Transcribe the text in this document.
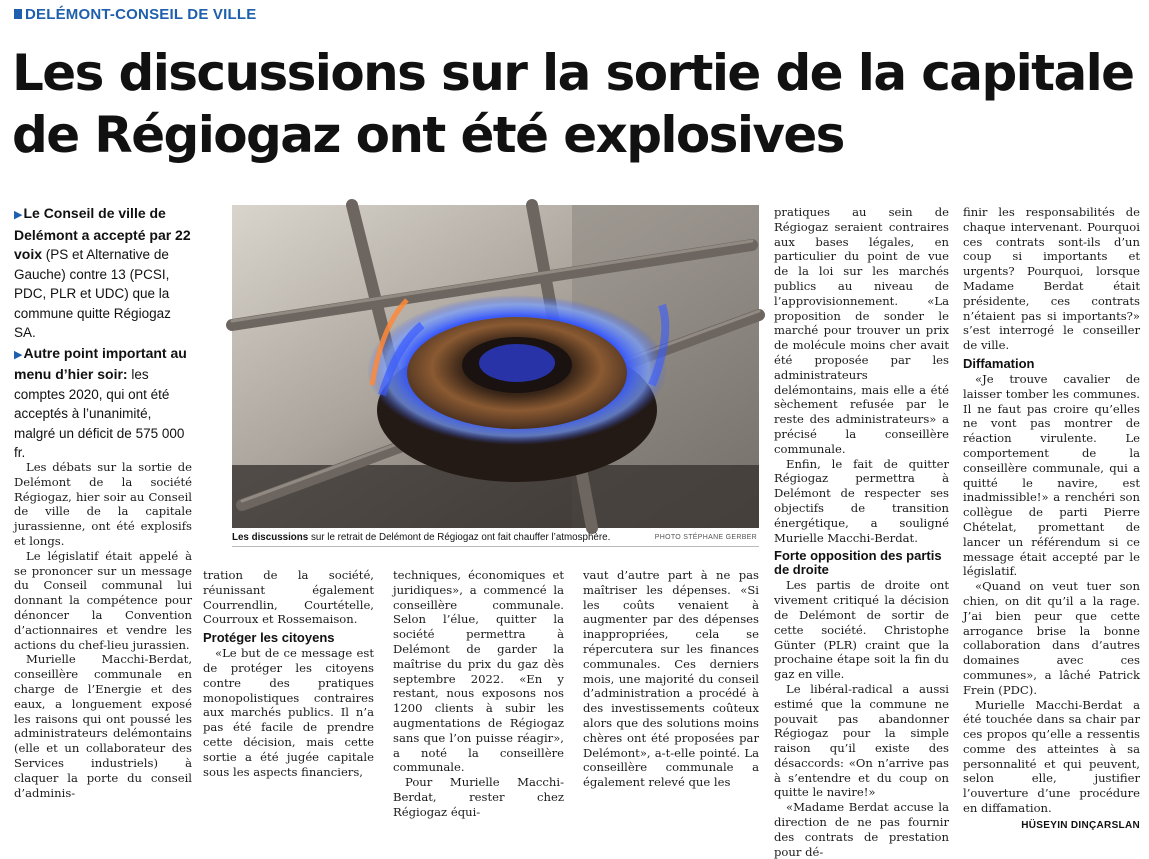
DELÉMONT-CONSEIL DE VILLE
Les discussions sur la sortie de la capitale
de Régiogaz ont été explosives

▶Le Conseil de ville de Delémont a accepté par 22 voix (PS et Alternative de Gauche) contre 13 (PCSI, PDC, PLR et UDC) que la commune quitte Régiogaz SA.

▶Autre point important au menu d’hier soir: les comptes 2020, qui ont été acceptés à l’unanimité, malgré un déficit de 575 000 fr.

Les discussions sur le retrait de Delémont de Régiogaz ont fait chauffer l’atmosphère.	PHOTO STÉPHANE GERBER

Les débats sur la sortie de Delémont de la société Régiogaz, hier soir au Conseil de ville de la capitale jurassienne, ont été explosifs et longs.

Le législatif était appelé à se prononcer sur un message du Conseil communal lui donnant la compétence pour dénoncer la Convention d’actionnaires et vendre les actions du chef-lieu jurassien.

Murielle Macchi-Berdat, conseillère communale en charge de l’Energie et des eaux, a longuement exposé les raisons qui ont poussé les administrateurs delémontains (elle et un collaborateur des Services industriels) à claquer la porte du conseil d’adminis-

tration de la société, réunissant également Courrendlin, Courtételle, Courroux et Rossemaison.

Protéger les citoyens

«Le but de ce message est de protéger les citoyens contre des pratiques monopolistiques contraires aux marchés publics. Il n’a pas été facile de prendre cette décision, mais cette sortie a été jugée capitale sous les aspects financiers,

techniques, économiques et juridiques», a commencé la conseillère communale. Selon l’élue, quitter la société permettra à Delémont de garder la maîtrise du prix du gaz dès septembre 2022. «En y restant, nous exposons nos 1200 clients à subir les augmentations de Régiogaz sans que l’on puisse réagir», a noté la conseillère communale.

Pour Murielle Macchi-Berdat, rester chez Régiogaz équi-

vaut d’autre part à ne pas maîtriser les dépenses. «Si les coûts venaient à augmenter par des dépenses inappropriées, cela se répercutera sur les finances communales. Ces derniers mois, une majorité du conseil d’administration a procédé à des investissements coûteux alors que des solutions moins chères ont été proposées par Delémont», a-t-elle pointé. La conseillère communale a également relevé que les

pratiques au sein de Régiogaz seraient contraires aux bases légales, en particulier du point de vue de la loi sur les marchés publics au niveau de l’approvisionnement. «La proposition de sonder le marché pour trouver un prix de molécule moins cher avait été proposée par les administrateurs delémontains, mais elle a été sèchement refusée par le reste des administrateurs» a précisé la conseillère communale.

Enfin, le fait de quitter Régiogaz permettra à Delémont de respecter ses objectifs de transition énergétique, a souligné Murielle Macchi-Berdat.

Forte opposition des partis de droite

Les partis de droite ont vivement critiqué la décision de Delémont de sortir de cette société. Christophe Günter (PLR) craint que la prochaine étape soit la fin du gaz en ville.

Le libéral-radical a aussi estimé que la commune ne pouvait pas abandonner Régiogaz pour la simple raison qu’il existe des désaccords: «On n’arrive pas à s’entendre et du coup on quitte le navire!»

«Madame Berdat accuse la direction de ne pas fournir des contrats de prestation pour dé-

finir les responsabilités de chaque intervenant. Pourquoi ces contrats sont-ils d’un coup si importants et urgents? Pourquoi, lorsque Madame Berdat était présidente, ces contrats n’étaient pas si importants?» s’est interrogé le conseiller de ville.

Diffamation

«Je trouve cavalier de laisser tomber les communes. Il ne faut pas croire qu’elles ne vont pas montrer de réaction virulente. Le comportement de la conseillère communale, qui a quitté le navire, est inadmissible!» a renchéri son collègue de parti Pierre Chételat, promettant de lancer un référendum si ce message était accepté par le législatif.

«Quand on veut tuer son chien, on dit qu’il a la rage. J’ai bien peur que cette arrogance brise la bonne collaboration dans d’autres domaines avec ces communes», a lâché Patrick Frein (PDC).

Murielle Macchi-Berdat a été touchée dans sa chair par ces propos qu’elle a ressentis comme des atteintes à sa personnalité et qui peuvent, selon elle, justifier l’ouverture d’une procédure en diffamation.

HÜSEYIN DINÇARSLAN
